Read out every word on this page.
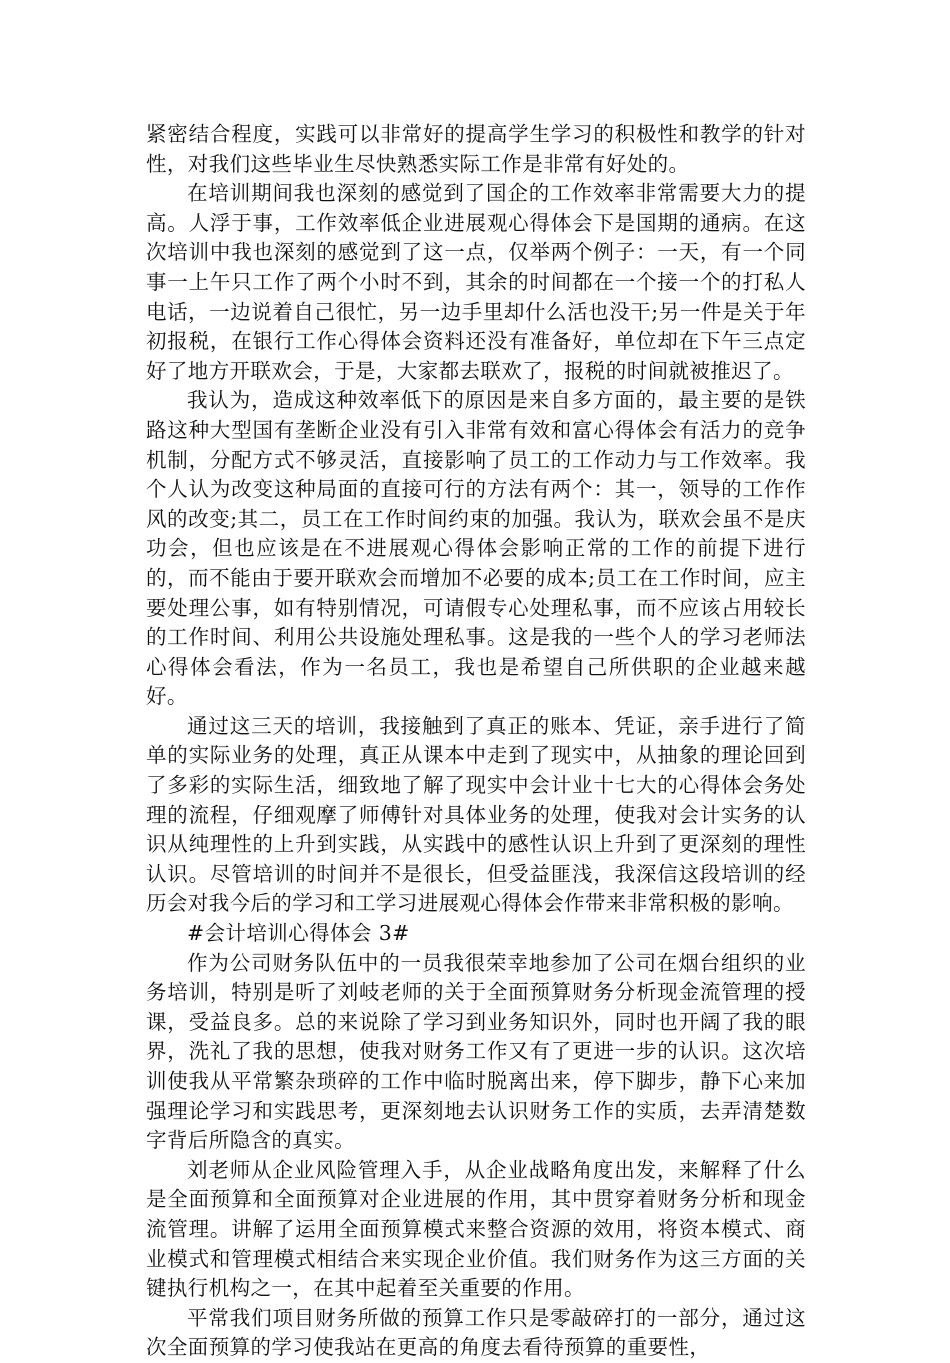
紧密结合程度，实践可以非常好的提高学生学习的积极性和教学的针对性，对我们这些毕业生尽快熟悉实际工作是非常有好处的。

在培训期间我也深刻的感觉到了国企的工作效率非常需要大力的提高。人浮于事，工作效率低企业进展观心得体会下是国期的通病。在这次培训中我也深刻的感觉到了这一点，仅举两个例子：一天，有一个同事一上午只工作了两个小时不到，其余的时间都在一个接一个的打私人电话，一边说着自己很忙，另一边手里却什么活也没干;另一件是关于年初报税，在银行工作心得体会资料还没有准备好，单位却在下午三点定好了地方开联欢会，于是，大家都去联欢了，报税的时间就被推迟了。

我认为，造成这种效率低下的原因是来自多方面的，最主要的是铁路这种大型国有垄断企业没有引入非常有效和富心得体会有活力的竞争机制，分配方式不够灵活，直接影响了员工的工作动力与工作效率。我个人认为改变这种局面的直接可行的方法有两个：其一，领导的工作作风的改变;其二，员工在工作时间约束的加强。我认为，联欢会虽不是庆功会，但也应该是在不进展观心得体会影响正常的工作的前提下进行的，而不能由于要开联欢会而增加不必要的成本;员工在工作时间，应主要处理公事，如有特别情况，可请假专心处理私事，而不应该占用较长的工作时间、利用公共设施处理私事。这是我的一些个人的学习老师法心得体会看法，作为一名员工，我也是希望自己所供职的企业越来越好。

通过这三天的培训，我接触到了真正的账本、凭证，亲手进行了简单的实际业务的处理，真正从课本中走到了现实中，从抽象的理论回到了多彩的实际生活，细致地了解了现实中会计业十七大的心得体会务处理的流程，仔细观摩了师傅针对具体业务的处理，使我对会计实务的认识从纯理性的上升到实践，从实践中的感性认识上升到了更深刻的理性认识。尽管培训的时间并不是很长，但受益匪浅，我深信这段培训的经历会对我今后的学习和工学习进展观心得体会作带来非常积极的影响。

#会计培训心得体会 3#

作为公司财务队伍中的一员我很荣幸地参加了公司在烟台组织的业务培训，特别是听了刘岐老师的关于全面预算财务分析现金流管理的授课，受益良多。总的来说除了学习到业务知识外，同时也开阔了我的眼界，洗礼了我的思想，使我对财务工作又有了更进一步的认识。这次培训使我从平常繁杂琐碎的工作中临时脱离出来，停下脚步，静下心来加强理论学习和实践思考，更深刻地去认识财务工作的实质，去弄清楚数字背后所隐含的真实。

刘老师从企业风险管理入手，从企业战略角度出发，来解释了什么是全面预算和全面预算对企业进展的作用，其中贯穿着财务分析和现金流管理。讲解了运用全面预算模式来整合资源的效用，将资本模式、商业模式和管理模式相结合来实现企业价值。我们财务作为这三方面的关键执行机构之一，在其中起着至关重要的作用。

平常我们项目财务所做的预算工作只是零敲碎打的一部分，通过这次全面预算的学习使我站在更高的角度去看待预算的重要性，
